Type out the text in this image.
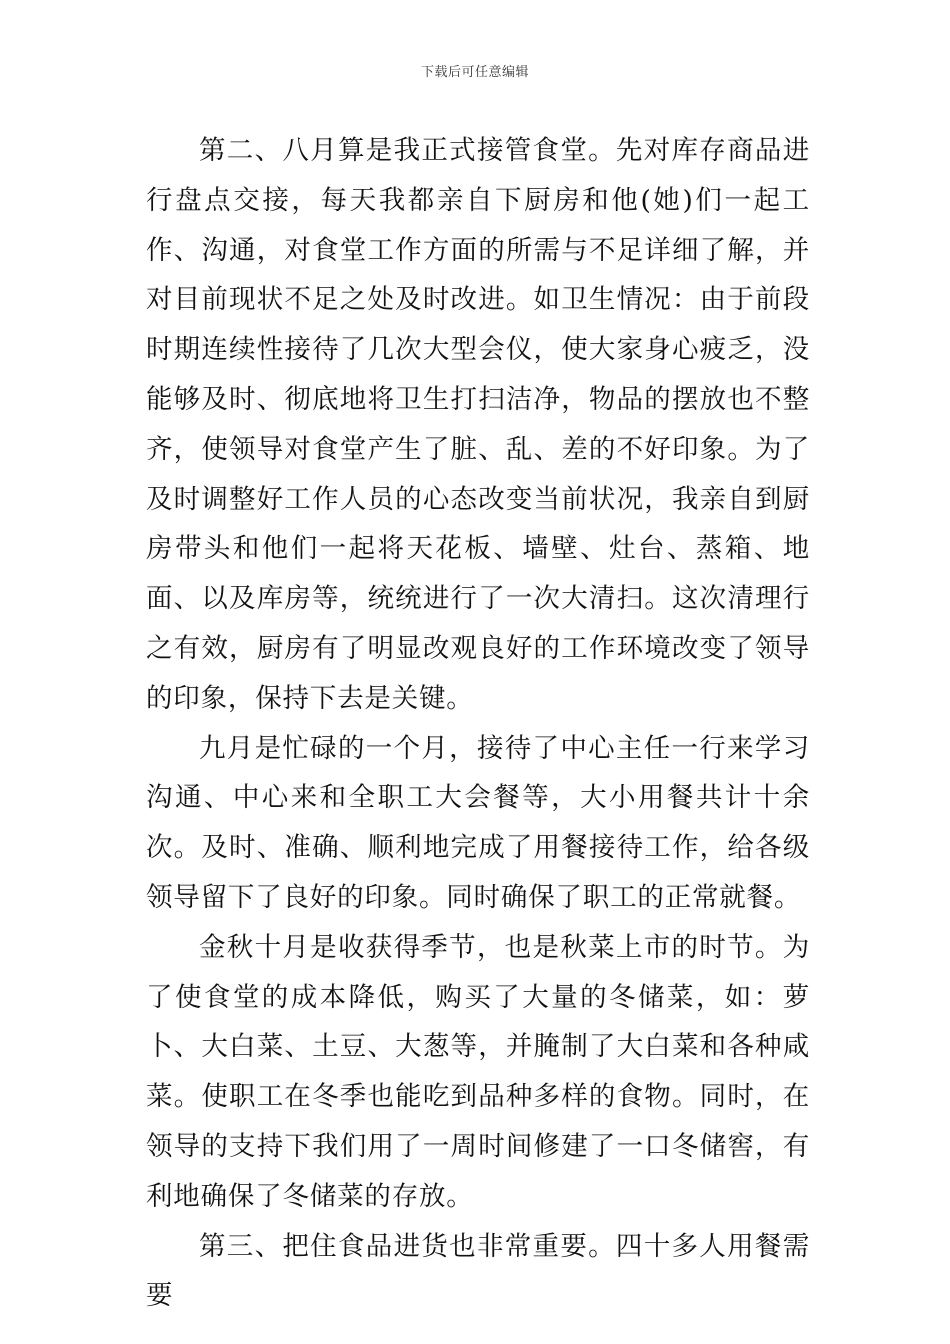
下载后可任意编辑

第二、八月算是我正式接管食堂。先对库存商品进行盘点交接，每天我都亲自下厨房和他(她)们一起工作、沟通，对食堂工作方面的所需与不足详细了解，并对目前现状不足之处及时改进。如卫生情况：由于前段时期连续性接待了几次大型会仪，使大家身心疲乏，没能够及时、彻底地将卫生打扫洁净，物品的摆放也不整齐，使领导对食堂产生了脏、乱、差的不好印象。为了及时调整好工作人员的心态改变当前状况，我亲自到厨房带头和他们一起将天花板、墙壁、灶台、蒸箱、地面、以及库房等，统统进行了一次大清扫。这次清理行之有效，厨房有了明显改观良好的工作环境改变了领导的印象，保持下去是关键。

九月是忙碌的一个月，接待了中心主任一行来学习沟通、中心来和全职工大会餐等，大小用餐共计十余次。及时、准确、顺利地完成了用餐接待工作，给各级领导留下了良好的印象。同时确保了职工的正常就餐。

金秋十月是收获得季节，也是秋菜上市的时节。为了使食堂的成本降低，购买了大量的冬储菜，如：萝卜、大白菜、土豆、大葱等，并腌制了大白菜和各种咸菜。使职工在冬季也能吃到品种多样的食物。同时，在领导的支持下我们用了一周时间修建了一口冬储窖，有利地确保了冬储菜的存放。

第三、把住食品进货也非常重要。四十多人用餐需要
